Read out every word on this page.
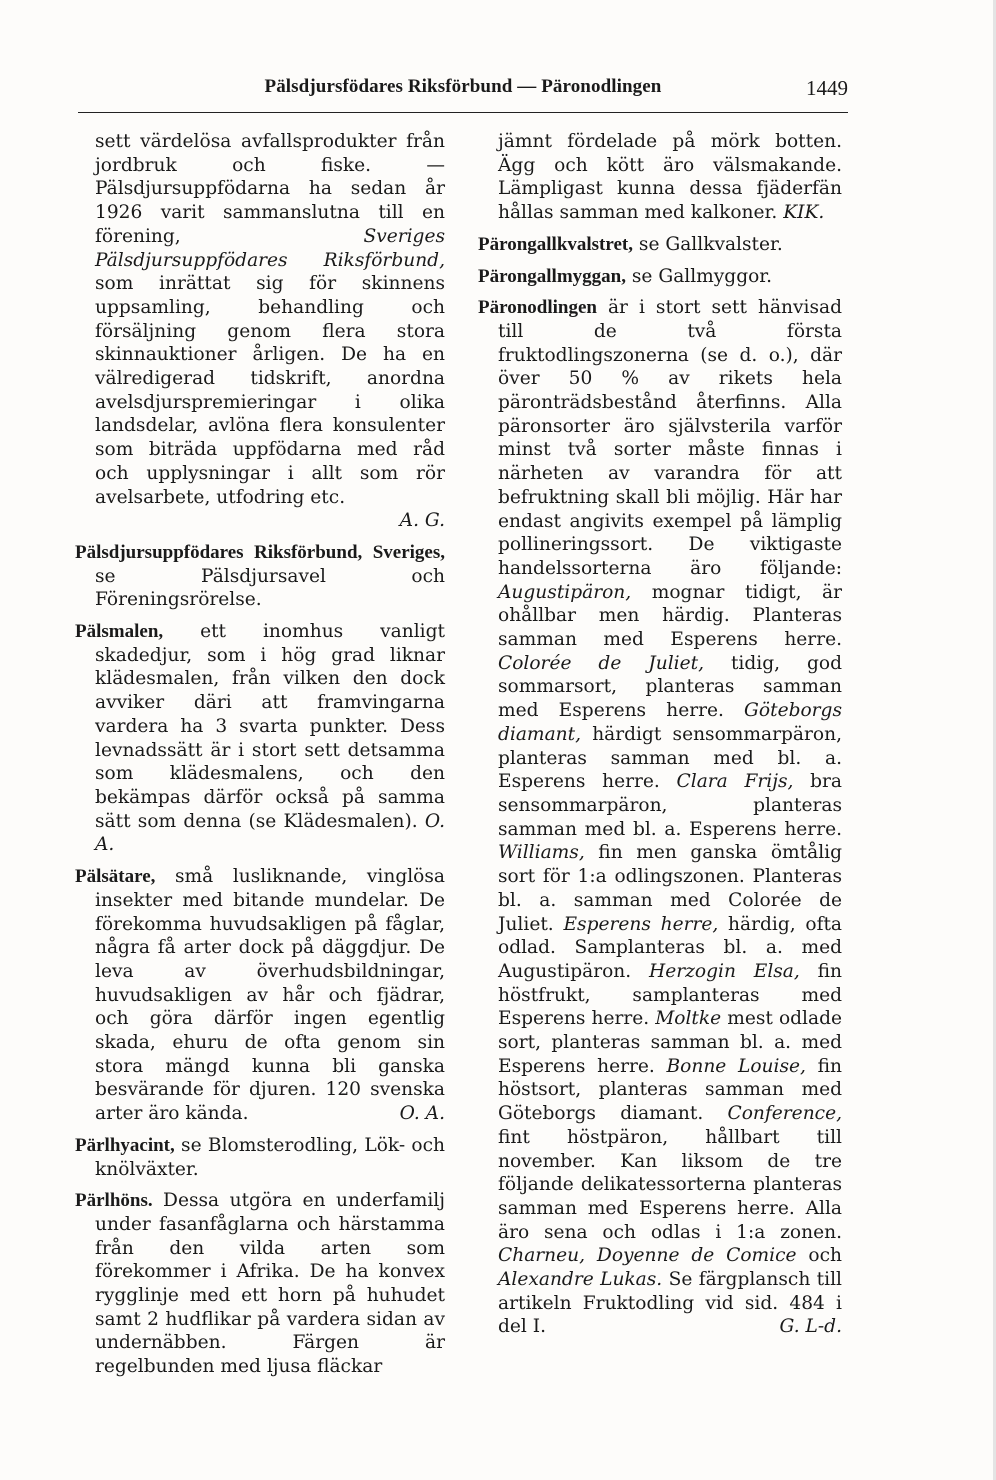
Pälsdjursfödares Riksförbund — Päronodlingen	1449

sett värdelösa avfallsprodukter från jordbruk och fiske. — Pälsdjursuppfödarna ha sedan år 1926 varit sammanslutna till en förening, Sveriges Pälsdjursuppfödares Riksförbund, som inrättat sig för skinnens uppsamling, behandling och försäljning genom flera stora skinnauktioner årligen. De ha en välredigerad tidskrift, anordna avelsdjurspremieringar i olika landsdelar, avlöna flera konsulenter som biträda uppfödarna med råd och upplysningar i allt som rör avelsarbete, utfodring etc.
A. G.

Pälsdjursuppfödares Riksförbund, Sveriges, se Pälsdjursavel och Föreningsrörelse.

Pälsmalen, ett inomhus vanligt skadedjur, som i hög grad liknar klädesmalen, från vilken den dock avviker däri att framvingarna vardera ha 3 svarta punkter. Dess levnadssätt är i stort sett detsamma som klädesmalens, och den bekämpas därför också på samma sätt som denna (se Klädesmalen). O. A.

Pälsätare, små lusliknande, vinglösa insekter med bitande mundelar. De förekomma huvudsakligen på fåglar, några få arter dock på däggdjur. De leva av överhudsbildningar, huvudsakligen av hår och fjädrar, och göra därför ingen egentlig skada, ehuru de ofta genom sin stora mängd kunna bli ganska besvärande för djuren. 120 svenska arter äro kända.	O. A.

Pärlhyacint, se Blomsterodling, Lök- och knölväxter.

Pärlhöns. Dessa utgöra en underfamilj under fasanfåglarna och härstamma från den vilda arten som förekommer i Afrika. De ha konvex rygglinje med ett horn på huhudet samt 2 hudflikar på vardera sidan av undernäbben. Färgen är regelbunden med ljusa fläckar

jämnt fördelade på mörk botten. Ägg och kött äro välsmakande. Lämpligast kunna dessa fjäderfän hållas samman med kalkoner. KIK.

Pärongallkvalstret, se Gallkvalster.

Pärongallmyggan, se Gallmyggor.

Päronodlingen är i stort sett hänvisad till de två första fruktodlingszonerna (se d. o.), där över 50 % av rikets hela päronträdsbestånd återfinns. Alla päronsorter äro självsterila varför minst två sorter måste finnas i närheten av varandra för att befruktning skall bli möjlig. Här har endast angivits exempel på lämplig pollineringssort. De viktigaste handelssorterna äro följande: Augustipäron, mognar tidigt, är ohållbar men härdig. Planteras samman med Esperens herre. Colorée de Juliet, tidig, god sommarsort, planteras samman med Esperens herre. Göteborgs diamant, härdigt sensommarpäron, planteras samman med bl. a. Esperens herre. Clara Frijs, bra sensommarpäron, planteras samman med bl. a. Esperens herre. Williams, fin men ganska ömtålig sort för 1:a odlingszonen. Planteras bl. a. samman med Colorée de Juliet. Esperens herre, härdig, ofta odlad. Samplanteras bl. a. med Augustipäron. Herzogin Elsa, fin höstfrukt, samplanteras med Esperens herre. Moltke mest odlade sort, planteras samman bl. a. med Esperens herre. Bonne Louise, fin höstsort, planteras samman med Göteborgs diamant. Conference, fint höstpäron, hållbart till november. Kan liksom de tre följande delikatessorterna planteras samman med Esperens herre. Alla äro sena och odlas i 1:a zonen. Charneu, Doyenne de Comice och Alexandre Lukas. Se färgplansch till artikeln Fruktodling vid sid. 484 i del I.	G. L-d.
